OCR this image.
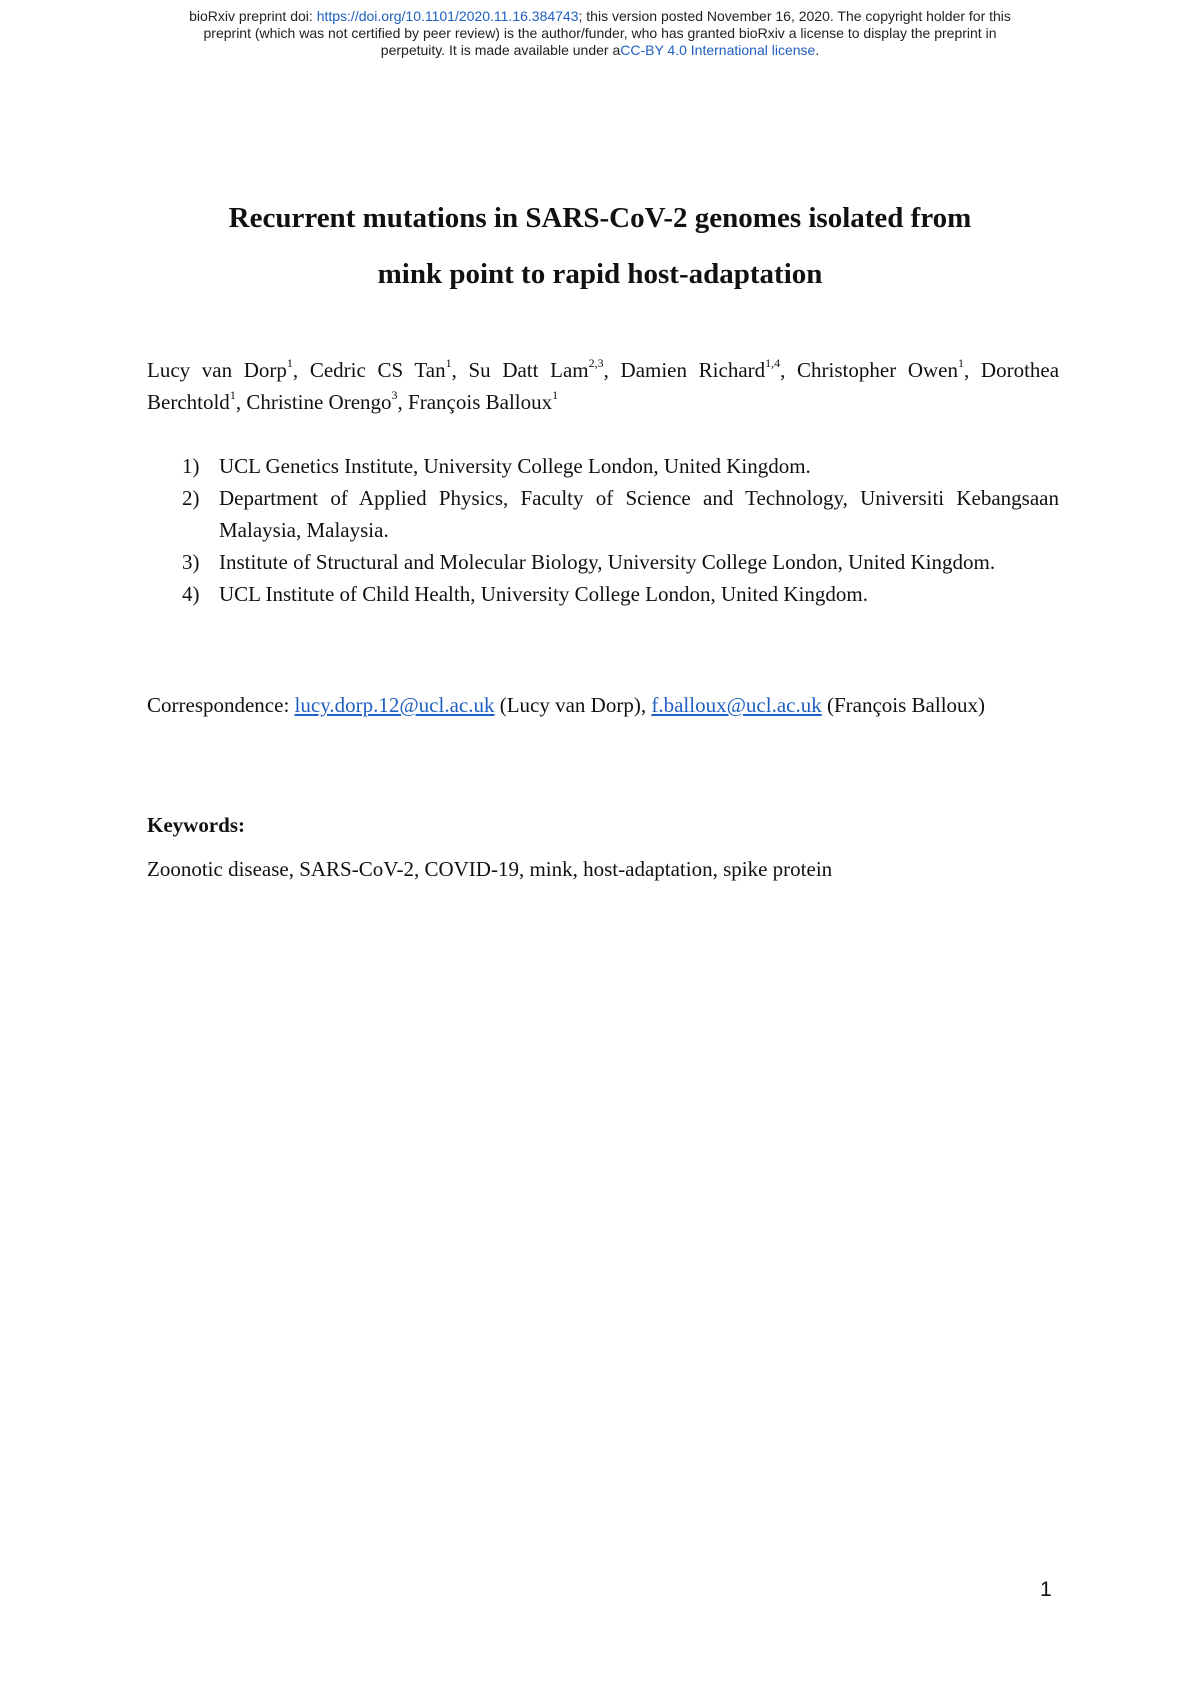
bioRxiv preprint doi: https://doi.org/10.1101/2020.11.16.384743; this version posted November 16, 2020. The copyright holder for this
preprint (which was not certified by peer review) is the author/funder, who has granted bioRxiv a license to display the preprint in
perpetuity. It is made available under aCC-BY 4.0 International license.
Recurrent mutations in SARS-CoV-2 genomes isolated from
mink point to rapid host-adaptation
Lucy van Dorp$^1$, Cedric CS Tan$^1$, Su Datt Lam$^{2,3}$, Damien Richard$^{1,4}$, Christopher Owen$^1$, Dorothea Berchtold$^1$, Christine Orengo$^3$, François Balloux$^1$
1) UCL Genetics Institute, University College London, United Kingdom.
2) Department of Applied Physics, Faculty of Science and Technology, Universiti Kebangsaan Malaysia, Malaysia.
3) Institute of Structural and Molecular Biology, University College London, United Kingdom.
4) UCL Institute of Child Health, University College London, United Kingdom.
Correspondence: lucy.dorp.12@ucl.ac.uk (Lucy van Dorp), f.balloux@ucl.ac.uk (François Balloux)
Keywords:
Zoonotic disease, SARS-CoV-2, COVID-19, mink, host-adaptation, spike protein
1
